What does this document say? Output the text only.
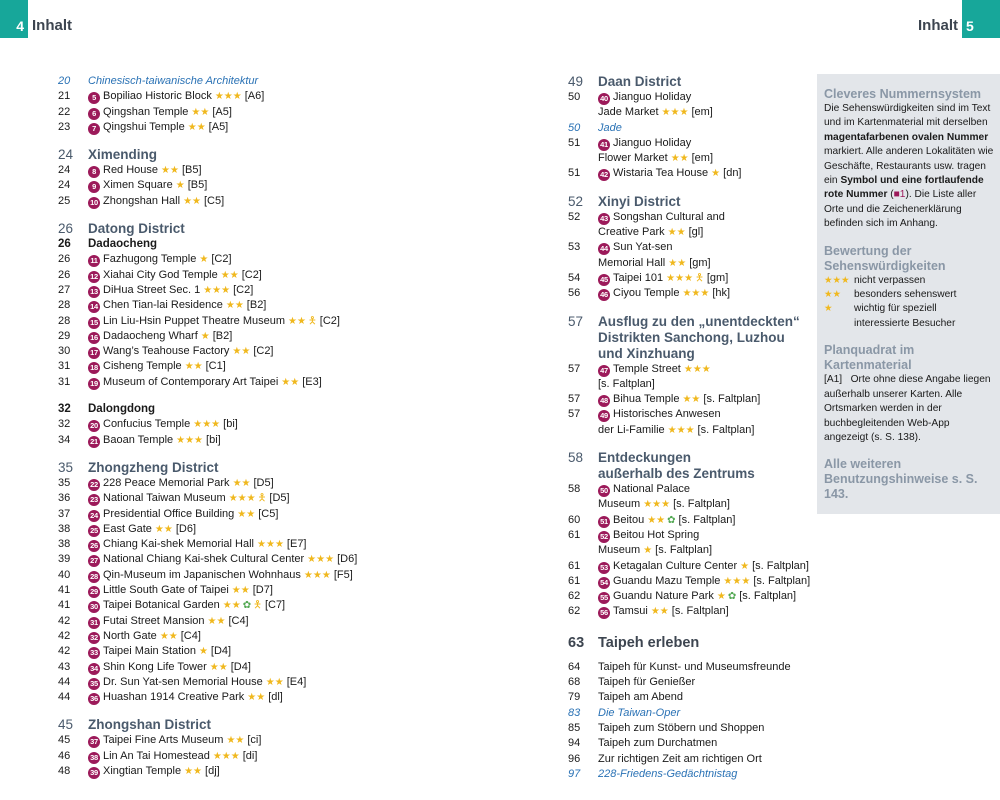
4 Inhalt	Inhalt 5
20	Chinesisch-taiwanische Architektur
21	5 Bopiliao Historic Block ★★★ [A6]
22	6 Qingshan Temple ★★ [A5]
23	7 Qingshui Temple ★★ [A5]
24	Ximending
24	8 Red House ★★ [B5]
24	9 Ximen Square ★ [B5]
25	10 Zhongshan Hall ★★ [C5]
26	Datong District
26	Dadaocheng
26	11 Fazhugong Temple ★ [C2]
26	12 Xiahai City God Temple ★★ [C2]
27	13 DiHua Street Sec. 1 ★★★ [C2]
28	14 Chen Tian-lai Residence ★★ [B2]
28	15 Lin Liu-Hsin Puppet Theatre Museum ★★ 🯅 [C2]
29	16 Dadaocheng Wharf ★ [B2]
30	17 Wang’s Teahouse Factory ★★ [C2]
31	18 Cisheng Temple ★★ [C1]
31	19 Museum of Contemporary Art Taipei ★★ [E3]
32	Dalongdong
32	20 Confucius Temple ★★★ [bi]
34	21 Baoan Temple ★★★ [bi]
35	Zhongzheng District
35	22 228 Peace Memorial Park ★★ [D5]
36	23 National Taiwan Museum ★★★ 🯅 [D5]
37	24 Presidential Office Building ★★ [C5]
38	25 East Gate ★★ [D6]
38	26 Chiang Kai-shek Memorial Hall ★★★ [E7]
39	27 National Chiang Kai-shek Cultural Center ★★★ [D6]
40	28 Qin-Museum im Japanischen Wohnhaus ★★★ [F5]
41	29 Little South Gate of Taipei ★★ [D7]
41	30 Taipei Botanical Garden ★★ ✿ 🯅 [C7]
42	31 Futai Street Mansion ★★ [C4]
42	32 North Gate ★★ [C4]
42	33 Taipei Main Station ★ [D4]
43	34 Shin Kong Life Tower ★★ [D4]
44	35 Dr. Sun Yat-sen Memorial House ★★ [E4]
44	36 Huashan 1914 Creative Park ★★ [dl]
45	Zhongshan District
45	37 Taipei Fine Arts Museum ★★ [ci]
46	38 Lin An Tai Homestead ★★★ [di]
48	39 Xingtian Temple ★★ [dj]
49	Daan District
50	40 Jianguo Holiday
Jade Market ★★★ [em]
50	Jade
51	41 Jianguo Holiday
Flower Market ★★ [em]
51	42 Wistaria Tea House ★ [dn]
52	Xinyi District
52	43 Songshan Cultural and
Creative Park ★★ [gl]
53	44 Sun Yat-sen
Memorial Hall ★★ [gm]
54	45 Taipei 101 ★★★ 🯅 [gm]
56	46 Ciyou Temple ★★★ [hk]
57	Ausflug zu den „unentdeckten“
Distrikten Sanchong, Luzhou
und Xinzhuang
57	47 Temple Street ★★★
[s. Faltplan]
57	48 Bihua Temple ★★ [s. Faltplan]
57	49 Historisches Anwesen
der Li-Familie ★★★ [s. Faltplan]
58	Entdeckungen
außerhalb des Zentrums
58	50 National Palace
Museum ★★★ [s. Faltplan]
60	51 Beitou ★★ ✿ [s. Faltplan]
61	52 Beitou Hot Spring
Museum ★ [s. Faltplan]
61	53 Ketagalan Culture Center ★ [s. Faltplan]
61	54 Guandu Mazu Temple ★★★ [s. Faltplan]
62	55 Guandu Nature Park ★ ✿ [s. Faltplan]
62	56 Tamsui ★★ [s. Faltplan]
63 Taipeh erleben
64	Taipeh für Kunst- und Museumsfreunde
68	Taipeh für Genießer
79	Taipeh am Abend
83	Die Taiwan-Oper
85	Taipeh zum Stöbern und Shoppen
94	Taipeh zum Durchatmen
96	Zur richtigen Zeit am richtigen Ort
97	228-Friedens-Gedächtnistag
Cleveres Nummernsystem

Die Sehenswürdigkeiten sind im Text und im Kartenmaterial mit derselben magentafarbenen ovalen Nummer markiert. Alle anderen Lokalitäten wie Geschäfte, Restaurants usw. tragen ein Symbol und eine fortlaufende rote Nummer (■1). Die Liste aller Orte und die Zeichenerklärung befinden sich im Anhang.

Bewertung der Sehenswürdigkeiten
★★★ nicht verpassen
★★	besonders sehenswert
★	wichtig für speziell interessierte Besucher
Planquadrat im Kartenmaterial

[A1] Orte ohne diese Angabe liegen außerhalb unserer Karten. Alle Ortsmarken werden in der buchbegleitenden Web-App angezeigt (s. S. 138).

Alle weiteren Benutzungshinweise s. S. 143.
